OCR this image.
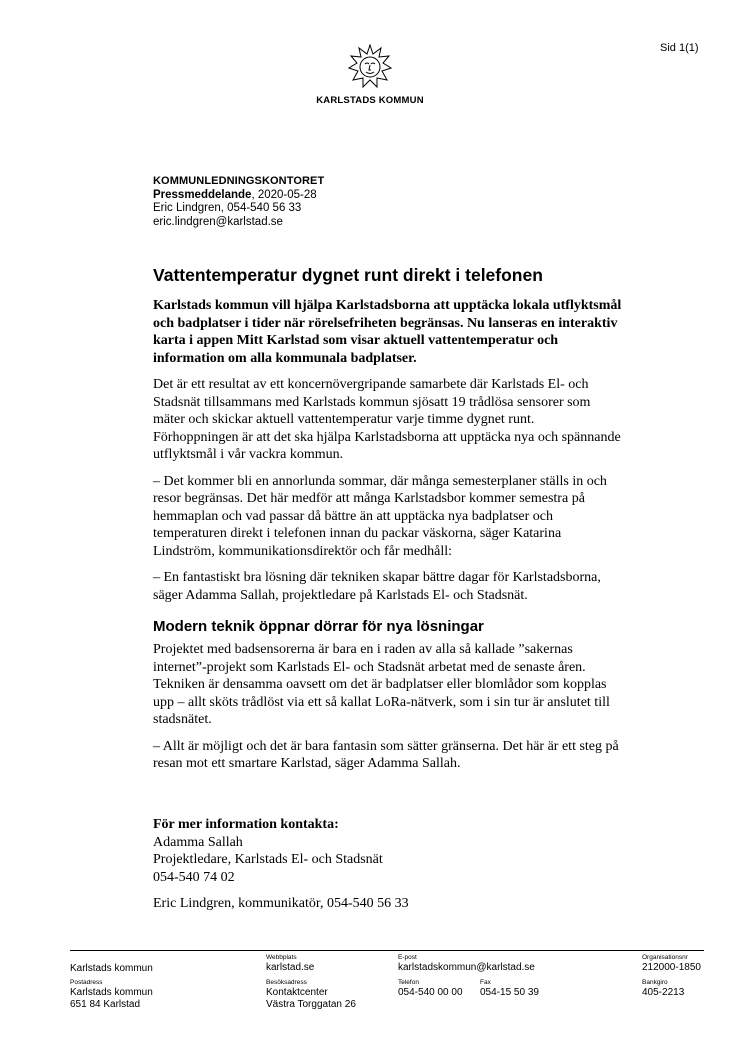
Sid 1(1)
KARLSTADS KOMMUN
KOMMUNLEDNINGSKONTORET
Pressmeddelande, 2020-05-28
Eric Lindgren, 054-540 56 33
eric.lindgren@karlstad.se
Vattentemperatur dygnet runt direkt i telefonen

Karlstads kommun vill hjälpa Karlstadsborna att upptäcka lokala utflyktsmål och badplatser i tider när rörelsefriheten begränsas. Nu lanseras en interaktiv karta i appen Mitt Karlstad som visar aktuell vattentemperatur och information om alla kommunala badplatser.

Det är ett resultat av ett koncernövergripande samarbete där Karlstads El- och Stadsnät tillsammans med Karlstads kommun sjösatt 19 trådlösa sensorer som mäter och skickar aktuell vattentemperatur varje timme dygnet runt. Förhoppningen är att det ska hjälpa Karlstadsborna att upptäcka nya och spännande utflyktsmål i vår vackra kommun.

– Det kommer bli en annorlunda sommar, där många semesterplaner ställs in och resor begränsas. Det här medför att många Karlstadsbor kommer semestra på hemmaplan och vad passar då bättre än att upptäcka nya badplatser och temperaturen direkt i telefonen innan du packar väskorna, säger Katarina Lindström, kommunikationsdirektör och får medhåll:

– En fantastiskt bra lösning där tekniken skapar bättre dagar för Karlstadsborna, säger Adamma Sallah, projektledare på Karlstads El- och Stadsnät.

Modern teknik öppnar dörrar för nya lösningar

Projektet med badsensorerna är bara en i raden av alla så kallade ”sakernas internet”-projekt som Karlstads El- och Stadsnät arbetat med de senaste åren. Tekniken är densamma oavsett om det är badplatser eller blomlådor som kopplas upp – allt sköts trådlöst via ett så kallat LoRa-nätverk, som i sin tur är anslutet till stadsnätet.

– Allt är möjligt och det är bara fantasin som sätter gränserna. Det här är ett steg på resan mot ett smartare Karlstad, säger Adamma Sallah.

För mer information kontakta:
Adamma Sallah
Projektledare, Karlstads El- och Stadsnät
054-540 74 02
Eric Lindgren, kommunikatör, 054-540 56 33
Karlstads kommun
Postadress
Karlstads kommun
651 84 Karlstad
Webbplats
karlstad.se
Besöksadress
Kontaktcenter
Västra Torggatan 26
E-post
karlstadskommun@karlstad.se
Telefon
054-540 00 00
Fax
054-15 50 39
Organisationsnr
212000-1850
Bankgiro
405-2213
